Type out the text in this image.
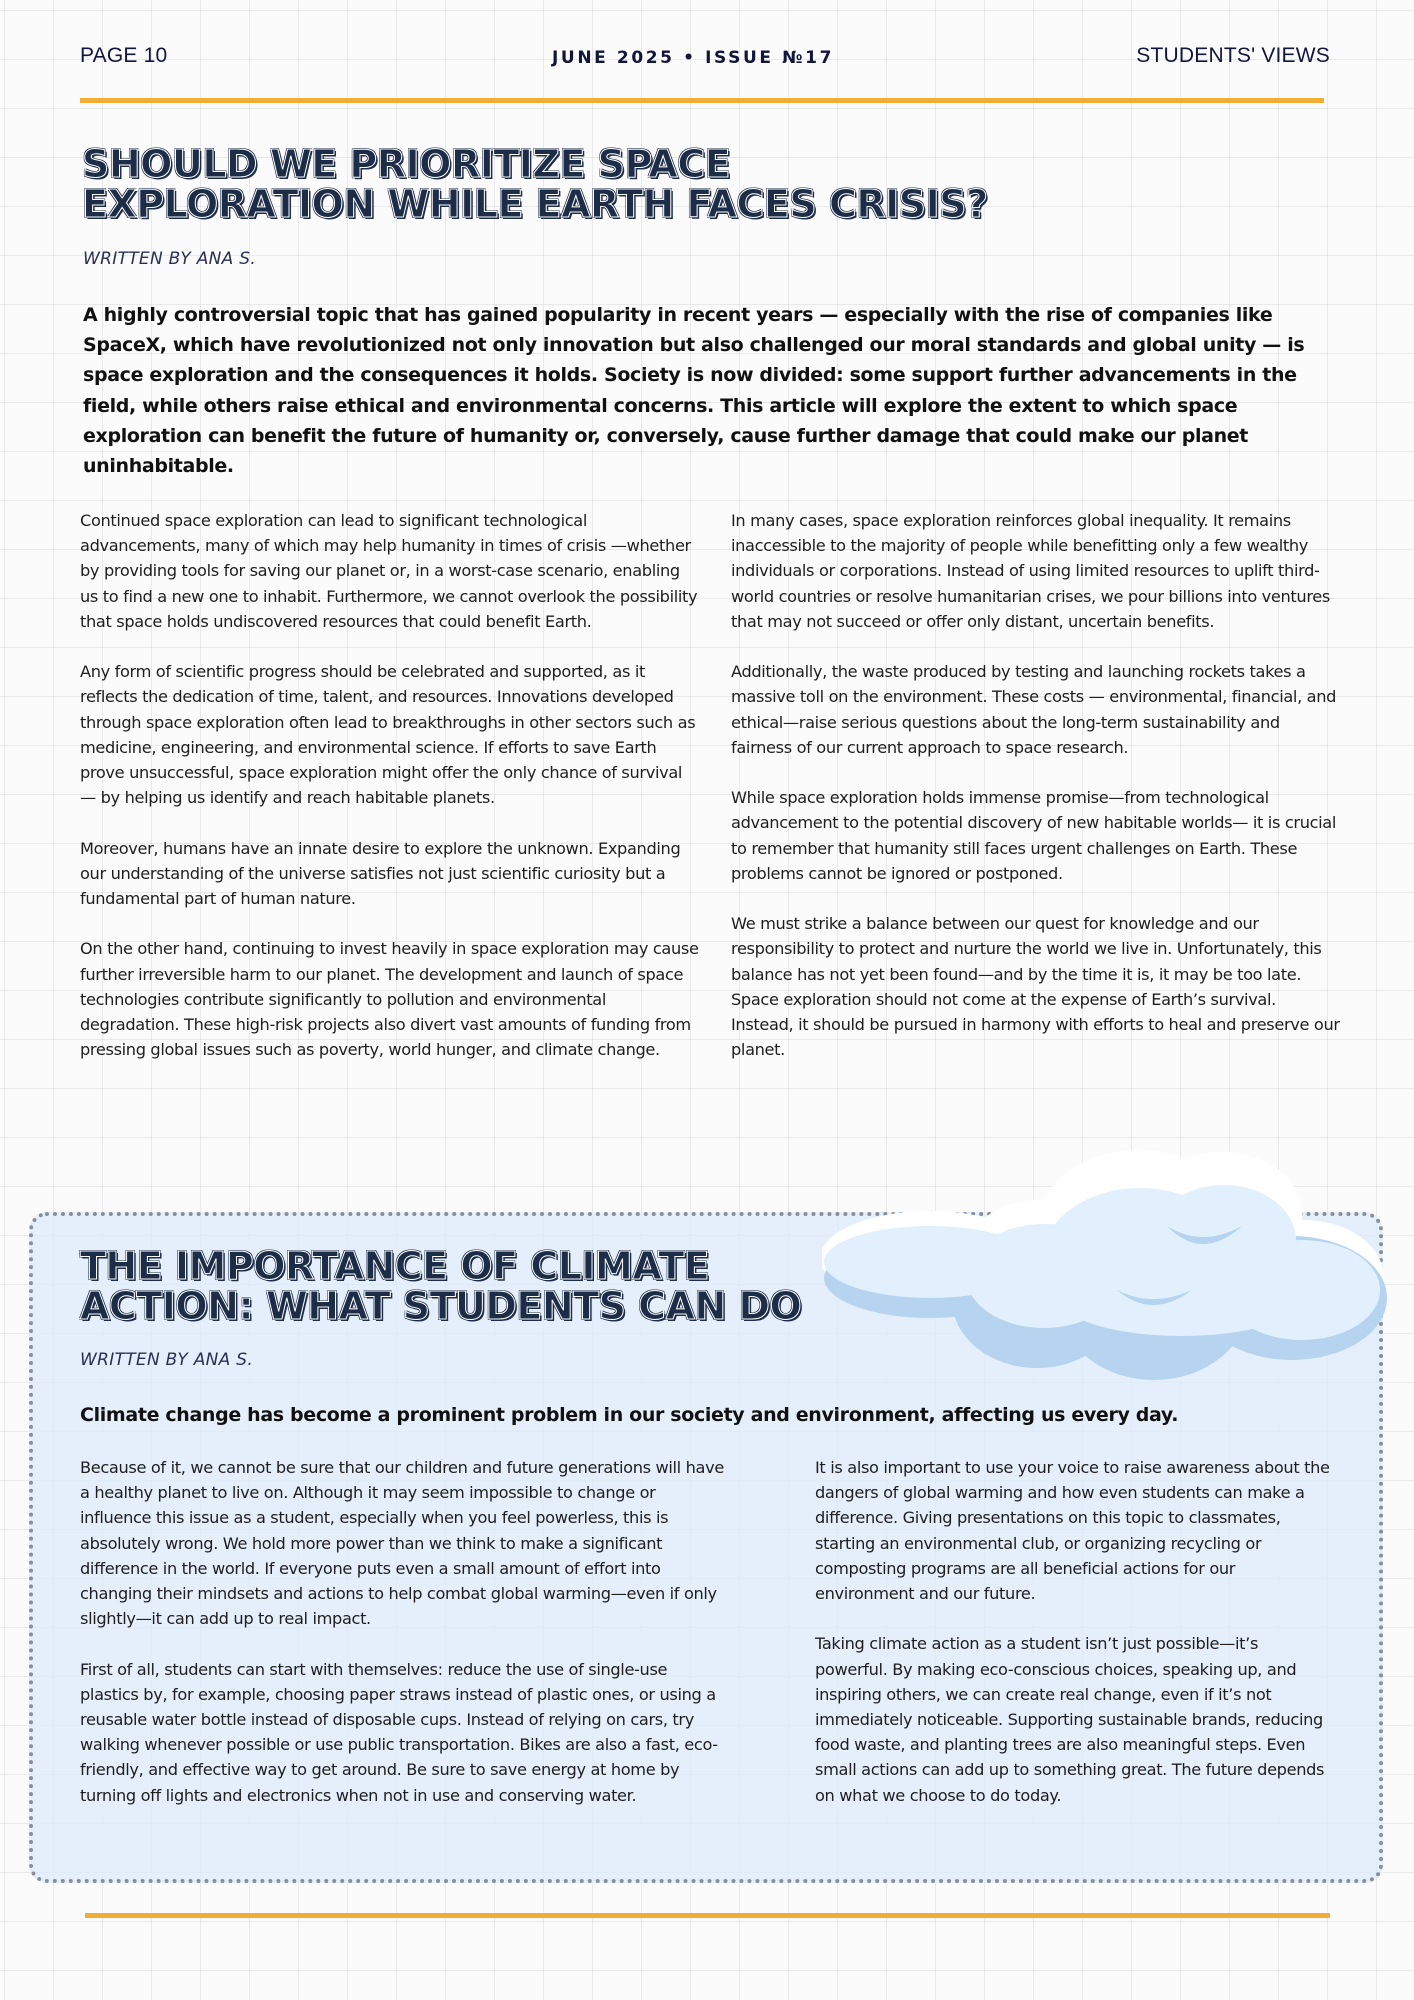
PAGE 10	JUNE 2025 • ISSUE №17	STUDENTS' VIEWS
SHOULD WE PRIORITIZE SPACE
EXPLORATION WHILE EARTH FACES CRISIS?
WRITTEN BY ANA S.

A highly controversial topic that has gained popularity in recent years — especially with the rise of companies like SpaceX, which have revolutionized not only innovation but also challenged our moral standards and global unity — is space exploration and the consequences it holds. Society is now divided: some support further advancements in the field, while others raise ethical and environmental concerns. This article will explore the extent to which space exploration can benefit the future of humanity or, conversely, cause further damage that could make our planet uninhabitable.

Continued space exploration can lead to significant technological advancements, many of which may help humanity in times of crisis —whether by providing tools for saving our planet or, in a worst-case scenario, enabling us to find a new one to inhabit. Furthermore, we cannot overlook the possibility that space holds undiscovered resources that could benefit Earth.

Any form of scientific progress should be celebrated and supported, as it reflects the dedication of time, talent, and resources. Innovations developed through space exploration often lead to breakthroughs in other sectors such as medicine, engineering, and environmental science. If efforts to save Earth prove unsuccessful, space exploration might offer the only chance of survival — by helping us identify and reach habitable planets.

Moreover, humans have an innate desire to explore the unknown. Expanding our understanding of the universe satisfies not just scientific curiosity but a fundamental part of human nature.

On the other hand, continuing to invest heavily in space exploration may cause further irreversible harm to our planet. The development and launch of space technologies contribute significantly to pollution and environmental degradation. These high-risk projects also divert vast amounts of funding from pressing global issues such as poverty, world hunger, and climate change.

In many cases, space exploration reinforces global inequality. It remains inaccessible to the majority of people while benefitting only a few wealthy individuals or corporations. Instead of using limited resources to uplift third-world countries or resolve humanitarian crises, we pour billions into ventures that may not succeed or offer only distant, uncertain benefits.

Additionally, the waste produced by testing and launching rockets takes a massive toll on the environment. These costs — environmental, financial, and ethical—raise serious questions about the long-term sustainability and fairness of our current approach to space research.

While space exploration holds immense promise—from technological advancement to the potential discovery of new habitable worlds— it is crucial to remember that humanity still faces urgent challenges on Earth. These problems cannot be ignored or postponed.

We must strike a balance between our quest for knowledge and our responsibility to protect and nurture the world we live in. Unfortunately, this balance has not yet been found—and by the time it is, it may be too late. Space exploration should not come at the expense of Earth’s survival. Instead, it should be pursued in harmony with efforts to heal and preserve our planet.

THE IMPORTANCE OF CLIMATE
ACTION: WHAT STUDENTS CAN DO
WRITTEN BY ANA S.

Climate change has become a prominent problem in our society and environment, affecting us every day.

Because of it, we cannot be sure that our children and future generations will have a healthy planet to live on. Although it may seem impossible to change or influence this issue as a student, especially when you feel powerless, this is absolutely wrong. We hold more power than we think to make a significant difference in the world. If everyone puts even a small amount of effort into changing their mindsets and actions to help combat global warming—even if only slightly—it can add up to real impact.

First of all, students can start with themselves: reduce the use of single-use plastics by, for example, choosing paper straws instead of plastic ones, or using a reusable water bottle instead of disposable cups. Instead of relying on cars, try walking whenever possible or use public transportation. Bikes are also a fast, eco-friendly, and effective way to get around. Be sure to save energy at home by turning off lights and electronics when not in use and conserving water.

It is also important to use your voice to raise awareness about the dangers of global warming and how even students can make a difference. Giving presentations on this topic to classmates, starting an environmental club, or organizing recycling or composting programs are all beneficial actions for our environment and our future.

Taking climate action as a student isn’t just possible—it’s powerful. By making eco-conscious choices, speaking up, and inspiring others, we can create real change, even if it’s not immediately noticeable. Supporting sustainable brands, reducing food waste, and planting trees are also meaningful steps. Even small actions can add up to something great. The future depends on what we choose to do today.
